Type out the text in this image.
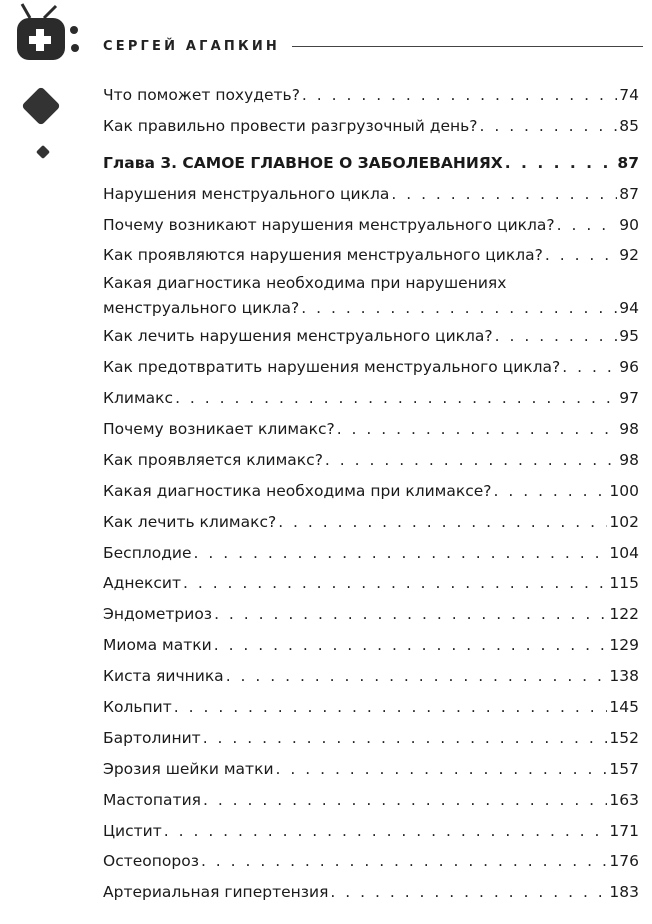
СЕРГЕЙ АГАПКИН
Что поможет похудеть? . . .	74
Как правильно провести разгрузочный день? . . .	85
Глава 3. САМОЕ ГЛАВНОЕ О ЗАБОЛЕВАНИЯХ . . .	87
Нарушения менструального цикла . . .	87
Почему возникают нарушения менструального цикла? . . .	90
Как проявляются нарушения менструального цикла? . . .	92
Какая диагностика необходима при нарушениях
менструального цикла? . . .	94
Как лечить нарушения менструального цикла? . . .	95
Как предотвратить нарушения менструального цикла? . . .	96
Климакс . . .	97
Почему возникает климакс? . . .	98
Как проявляется климакс? . . .	98
Какая диагностика необходима при климаксе? . . .	100
Как лечить климакс? . . .	102
Бесплодие . . .	104
Аднексит . . .	115
Эндометриоз . . .	122
Миома матки . . .	129
Киста яичника . . .	138
Кольпит . . .	145
Бартолинит . . .	152
Эрозия шейки матки . . .	157
Мастопатия . . .	163
Цистит . . .	171
Остеопороз . . .	176
Артериальная гипертензия . . .	183
